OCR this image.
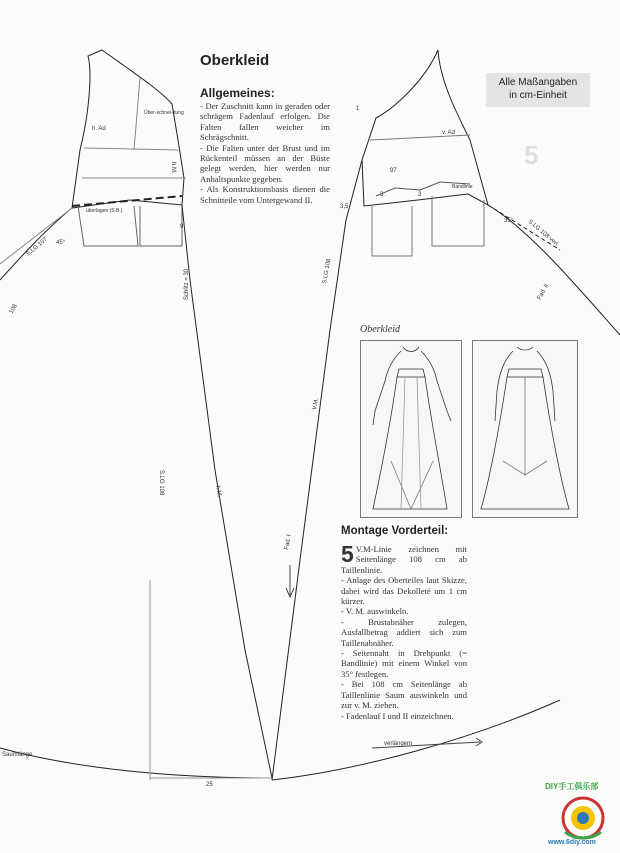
h. Ad
Über-schnei-dung
h.M.
überlagen (S.B.)
9
S.LG 107 45°
108
Schlitz = 30
S.LG 108	h.M.
Saumlänge
25
v. Ad
1
97
Bandlinie
3	3
3,5
S.LG 108
S.LG 108 verl.
35°
V.M.
Fad. I
verlängern
Fad. II
Oberkleid
Allgemeines:

- Der Zuschnitt kann in geraden oder schrägem Fadenlauf erfolgen. Die Falten fallen weicher im Schrägschnitt.

- Die Falten unter der Brust und im Rückenteil müssen an der Büste gelegt werden, hier werden nur Anhaltspunkte gegeben.

- Als Konstruktionsbasis dienen die Schnitteile vom Untergewand II.

Alle Maßangaben
in cm-Einheit
5
Oberkleid
Montage Vorderteil:
5 V.M-Linie zeichnen mit Seitenlänge 108 cm ab Taillenlinie.

- Anlage des Oberteiles laut Skizze, dabei wird das Dekolleté um 1 cm kürzer.

- V. M. auswinkeln.

- Brustabnäher zulegen, Ausfallbetrag addiert sich zum Taillenabnäher.

- Seitennaht in Drehpunkt (= Bandlinie) mit einem Winkel von 35° festlegen.

- Bei 108 cm Seitenlänge ab Taillenlinie Saum auswinkeln und zur v. M. ziehen.

- Fadenlauf I und II einzeichnen.

DIY手工俱乐部
www.6diy.com
